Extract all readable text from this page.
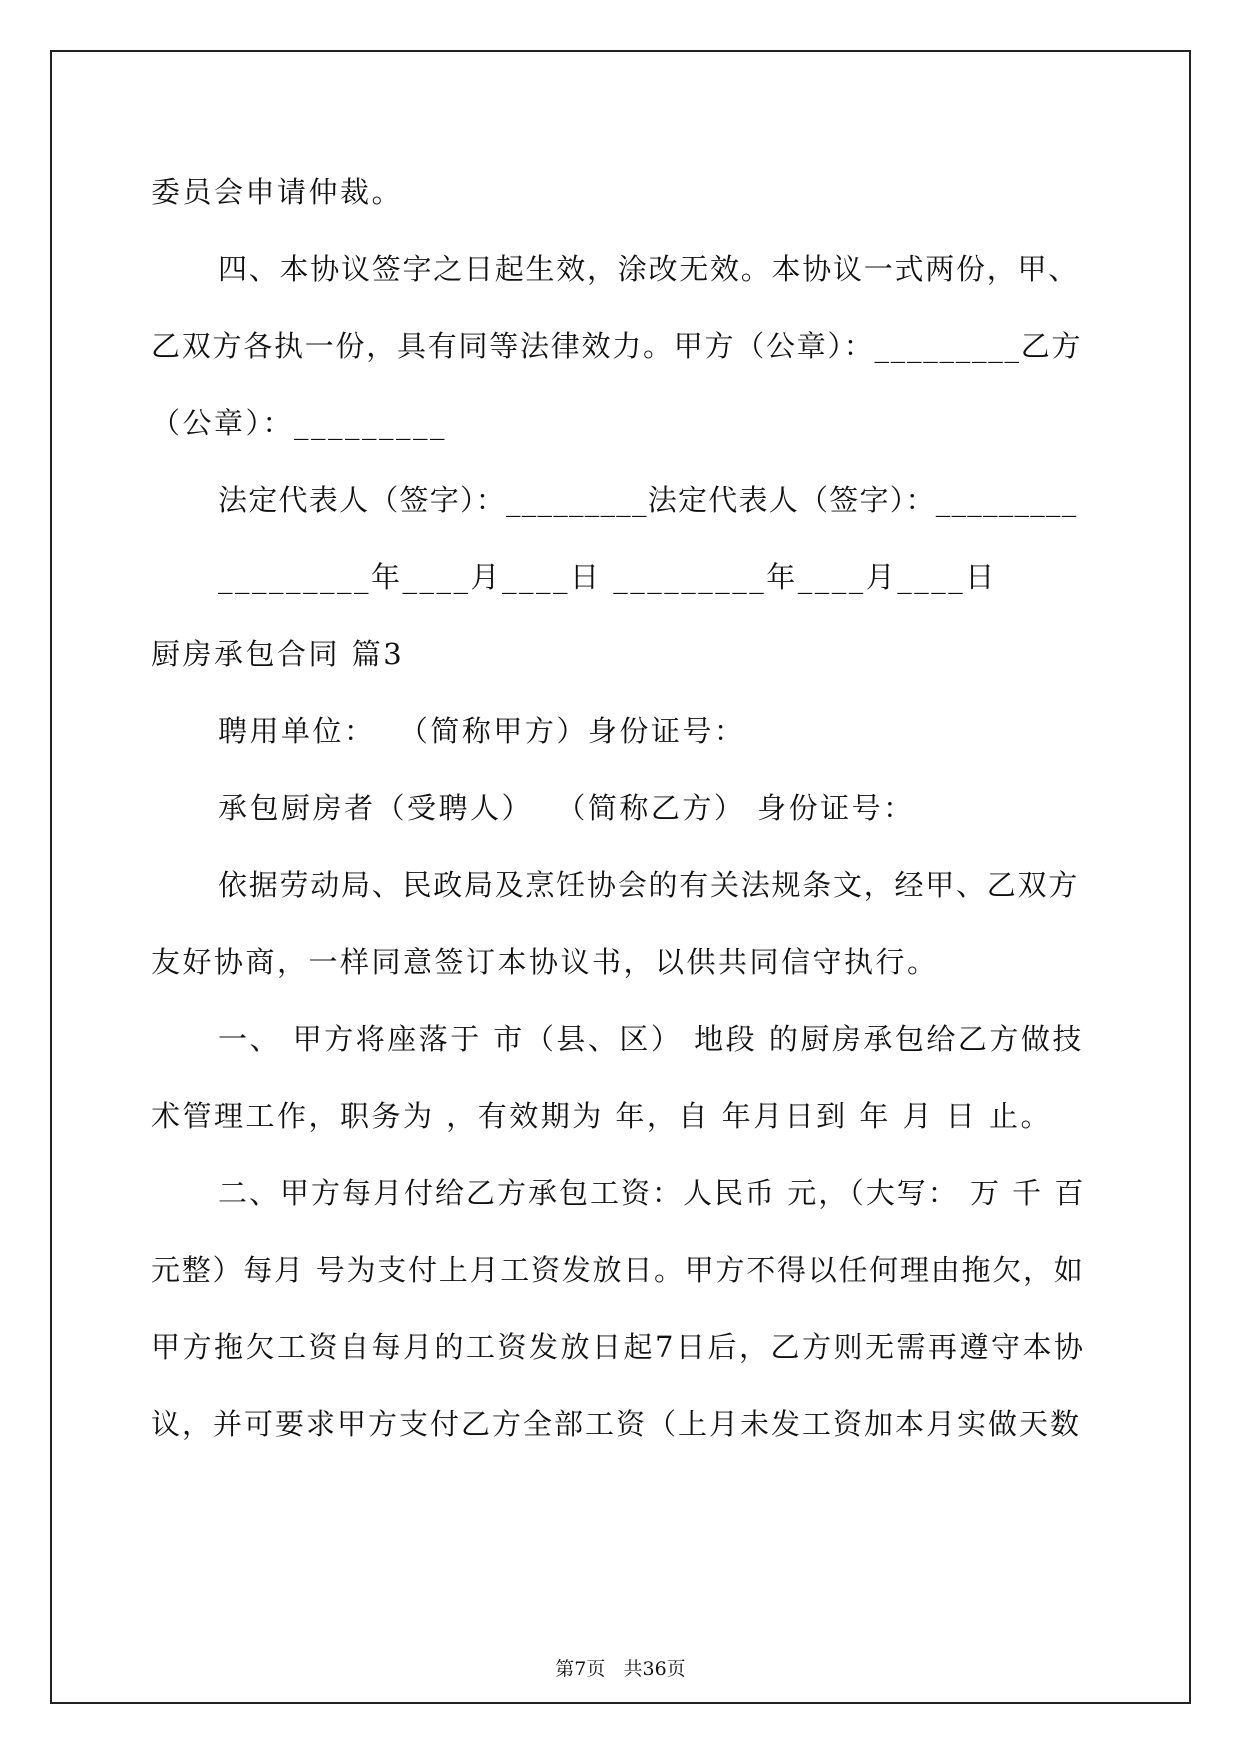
委员会申请仲裁。
四、本协议签字之日起生效，涂改无效。本协议一式两份，甲、
乙双方各执一份，具有同等法律效力。甲方（公章）：_________乙方
（公章）：_________
法定代表人（签字）：_________法定代表人（签字）：_________
_________年____月____日 _________年____月____日
厨房承包合同 篇3
聘用单位：  （简称甲方）身份证号：
承包厨房者（受聘人）  （简称乙方） 身份证号：
依据劳动局、民政局及烹饪协会的有关法规条文，经甲、乙双方
友好协商，一样同意签订本协议书，以供共同信守执行。
一、 甲方将座落于 市（县、区） 地段 的厨房承包给乙方做技
术管理工作，职务为 ，有效期为 年，自 年月日到 年 月 日 止。
二、甲方每月付给乙方承包工资：人民币 元，（大写： 万 千 百
元整）每月 号为支付上月工资发放日。甲方不得以任何理由拖欠，如
甲方拖欠工资自每月的工资发放日起7日后，乙方则无需再遵守本协
议，并可要求甲方支付乙方全部工资（上月未发工资加本月实做天数
第7页   共36页
